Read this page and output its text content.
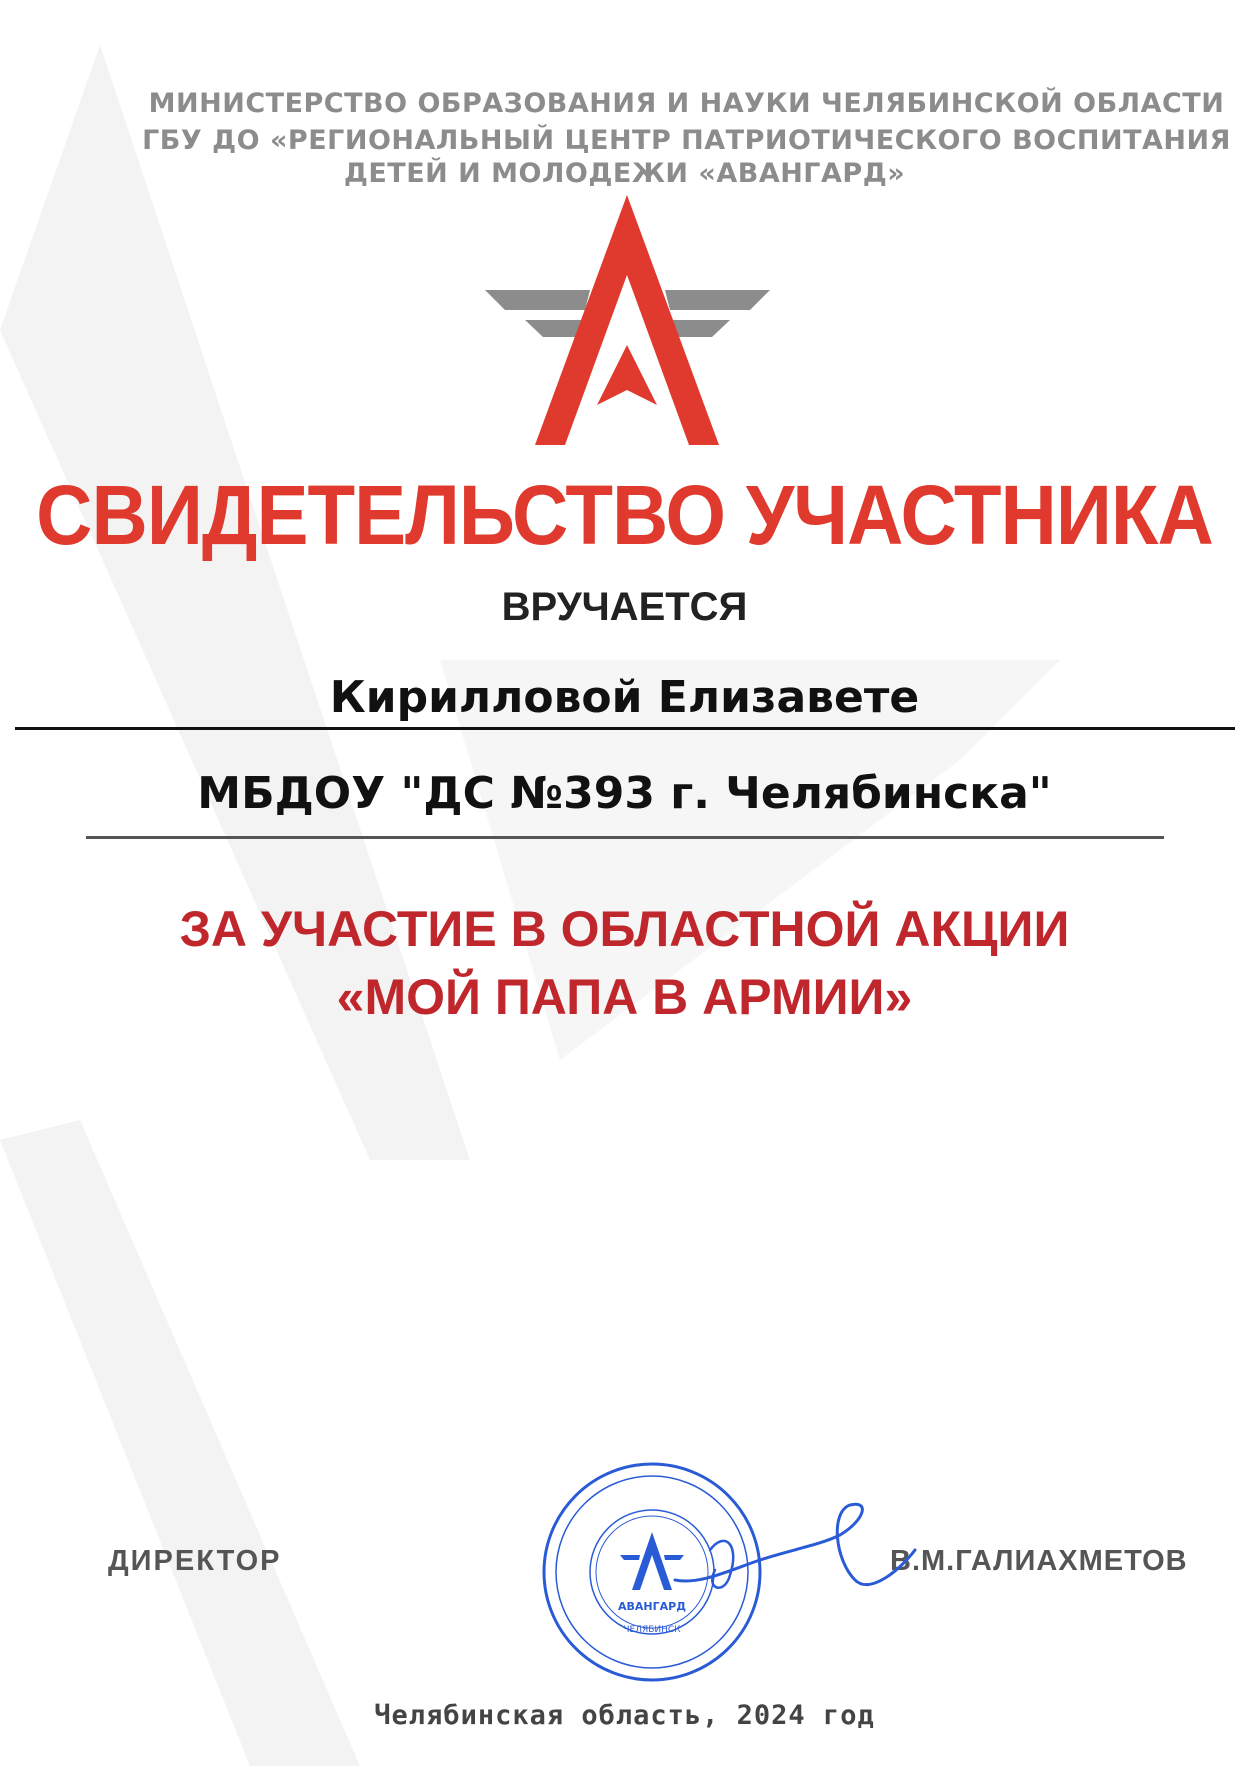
МИНИСТЕРСТВО ОБРАЗОВАНИЯ И НАУКИ ЧЕЛЯБИНСКОЙ ОБЛАСТИ
ГБУ ДО «РЕГИОНАЛЬНЫЙ ЦЕНТР ПАТРИОТИЧЕСКОГО ВОСПИТАНИЯ
ДЕТЕЙ И МОЛОДЕЖИ «АВАНГАРД»
СВИДЕТЕЛЬСТВО УЧАСТНИКА
ВРУЧАЕТСЯ
Кирилловой Елизавете
МБДОУ "ДС №393 г. Челябинска"
ЗА УЧАСТИЕ В ОБЛАСТНОЙ АКЦИИ
«МОЙ ПАПА В АРМИИ»
ДИРЕКТОР	В.М.ГАЛИАХМЕТОВ
АВАНГАРД
ЧЕЛЯБИНСК
Челябинская область, 2024 год
